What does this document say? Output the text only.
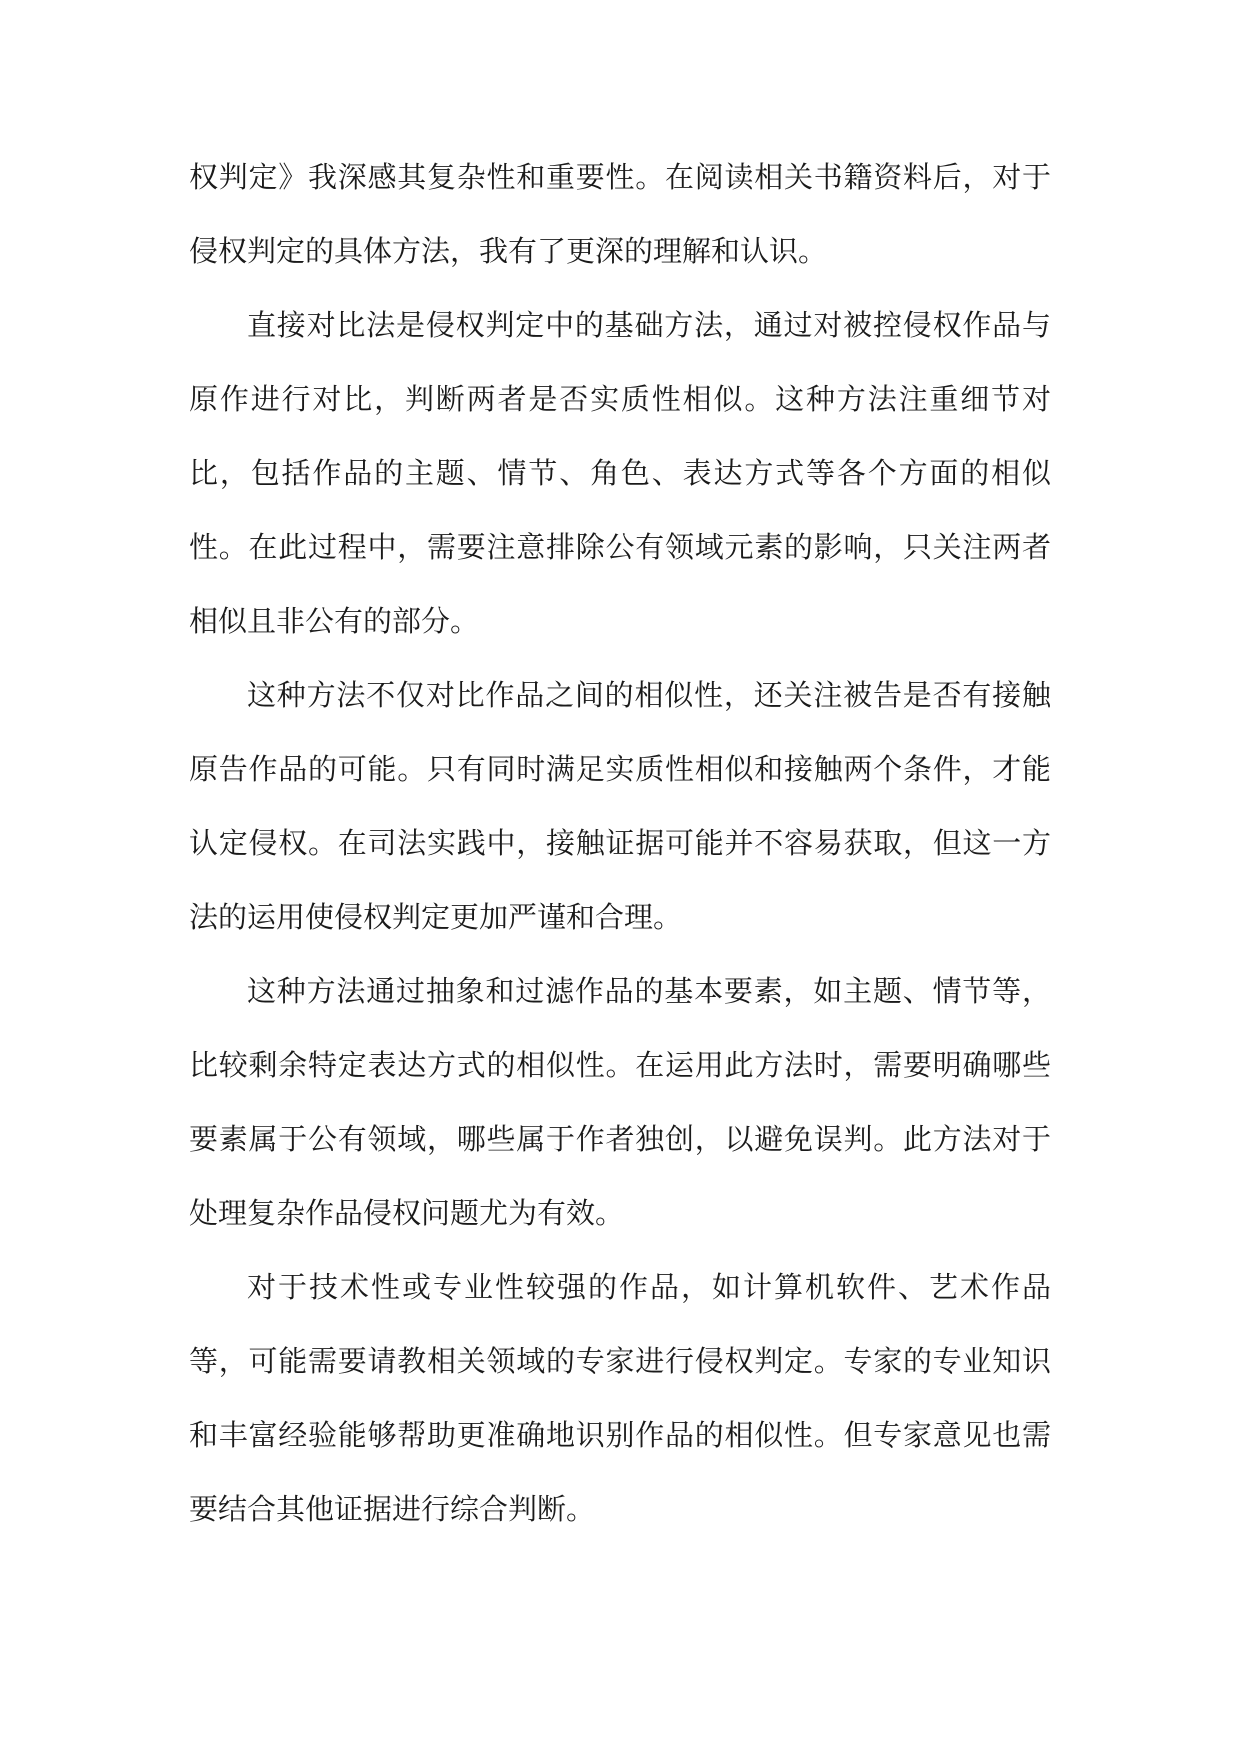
权判定》我深感其复杂性和重要性。在阅读相关书籍资料后，对于侵权判定的具体方法，我有了更深的理解和认识。

直接对比法是侵权判定中的基础方法，通过对被控侵权作品与原作进行对比，判断两者是否实质性相似。这种方法注重细节对比，包括作品的主题、情节、角色、表达方式等各个方面的相似性。在此过程中，需要注意排除公有领域元素的影响，只关注两者相似且非公有的部分。

这种方法不仅对比作品之间的相似性，还关注被告是否有接触原告作品的可能。只有同时满足实质性相似和接触两个条件，才能认定侵权。在司法实践中，接触证据可能并不容易获取，但这一方法的运用使侵权判定更加严谨和合理。

这种方法通过抽象和过滤作品的基本要素，如主题、情节等，比较剩余特定表达方式的相似性。在运用此方法时，需要明确哪些要素属于公有领域，哪些属于作者独创，以避免误判。此方法对于处理复杂作品侵权问题尤为有效。

对于技术性或专业性较强的作品，如计算机软件、艺术作品等，可能需要请教相关领域的专家进行侵权判定。专家的专业知识和丰富经验能够帮助更准确地识别作品的相似性。但专家意见也需要结合其他证据进行综合判断。
